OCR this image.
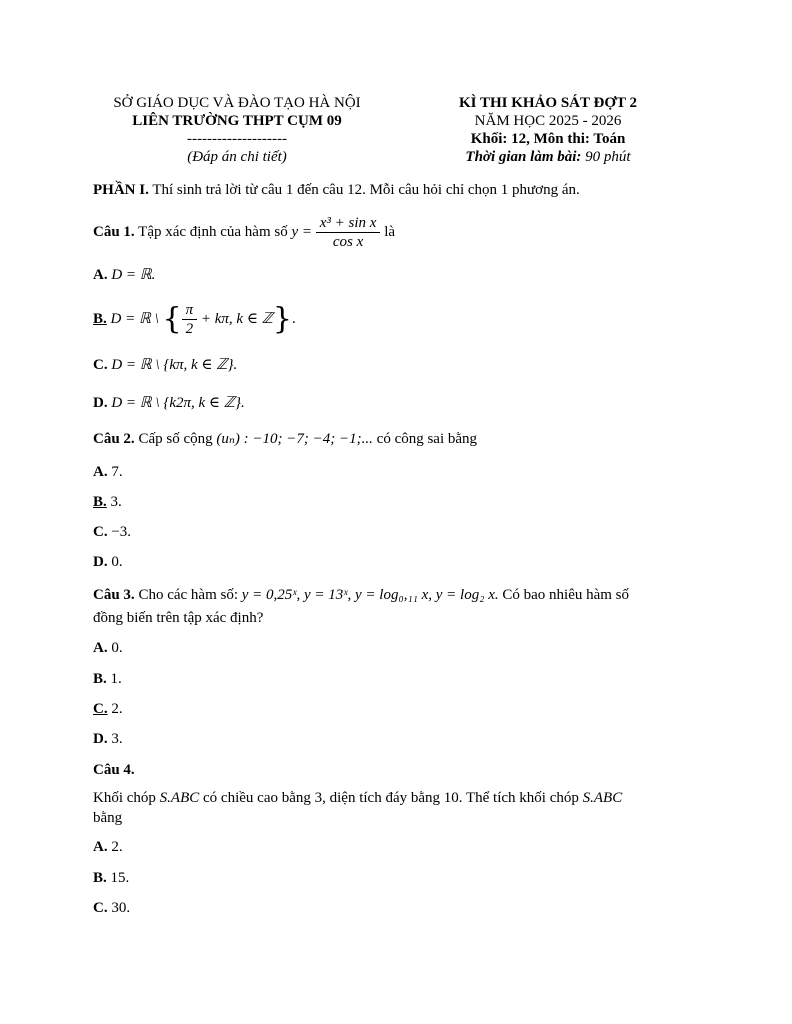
SỞ GIÁO DỤC VÀ ĐÀO TẠO HÀ NỘI
LIÊN TRƯỜNG THPT CỤM 09
--------------------
(Đáp án chi tiết)
KÌ THI KHẢO SÁT ĐỢT 2
NĂM HỌC 2025 - 2026
Khối: 12, Môn thi: Toán
Thời gian làm bài: 90 phút
PHẦN I. Thí sinh trả lời từ câu 1 đến câu 12. Mỗi câu hỏi chỉ chọn 1 phương án.
Câu 1. Tập xác định của hàm số $y = \frac{\text{x³ + sin x}}{\text{cos x}}$ là
A. D = ℝ.
B. D = ℝ \ { $\frac{\pi}{2} + k\pi$, k ∈ ℤ}.
C. D = ℝ \ {kπ, k ∈ ℤ}.
D. D = ℝ \ {k2π, k ∈ ℤ}.
Câu 2. Cấp số cộng (uₙ) : −10; −7; −4; −1;... có công sai bằng
A. 7.
B. 3.
C. −3.
D. 0.
Câu 3. Cho các hàm số: y = 0,25ˣ, y = 13ˣ, y = log₀,₁₁ x, y = log₂ x. Có bao nhiêu hàm số
đồng biến trên tập xác định?
A. 0.
B. 1.
C. 2.
D. 3.
Câu 4.
Khối chóp S.ABC có chiều cao bằng 3, diện tích đáy bằng 10. Thể tích khối chóp S.ABC
bằng
A. 2.
B. 15.
C. 30.
